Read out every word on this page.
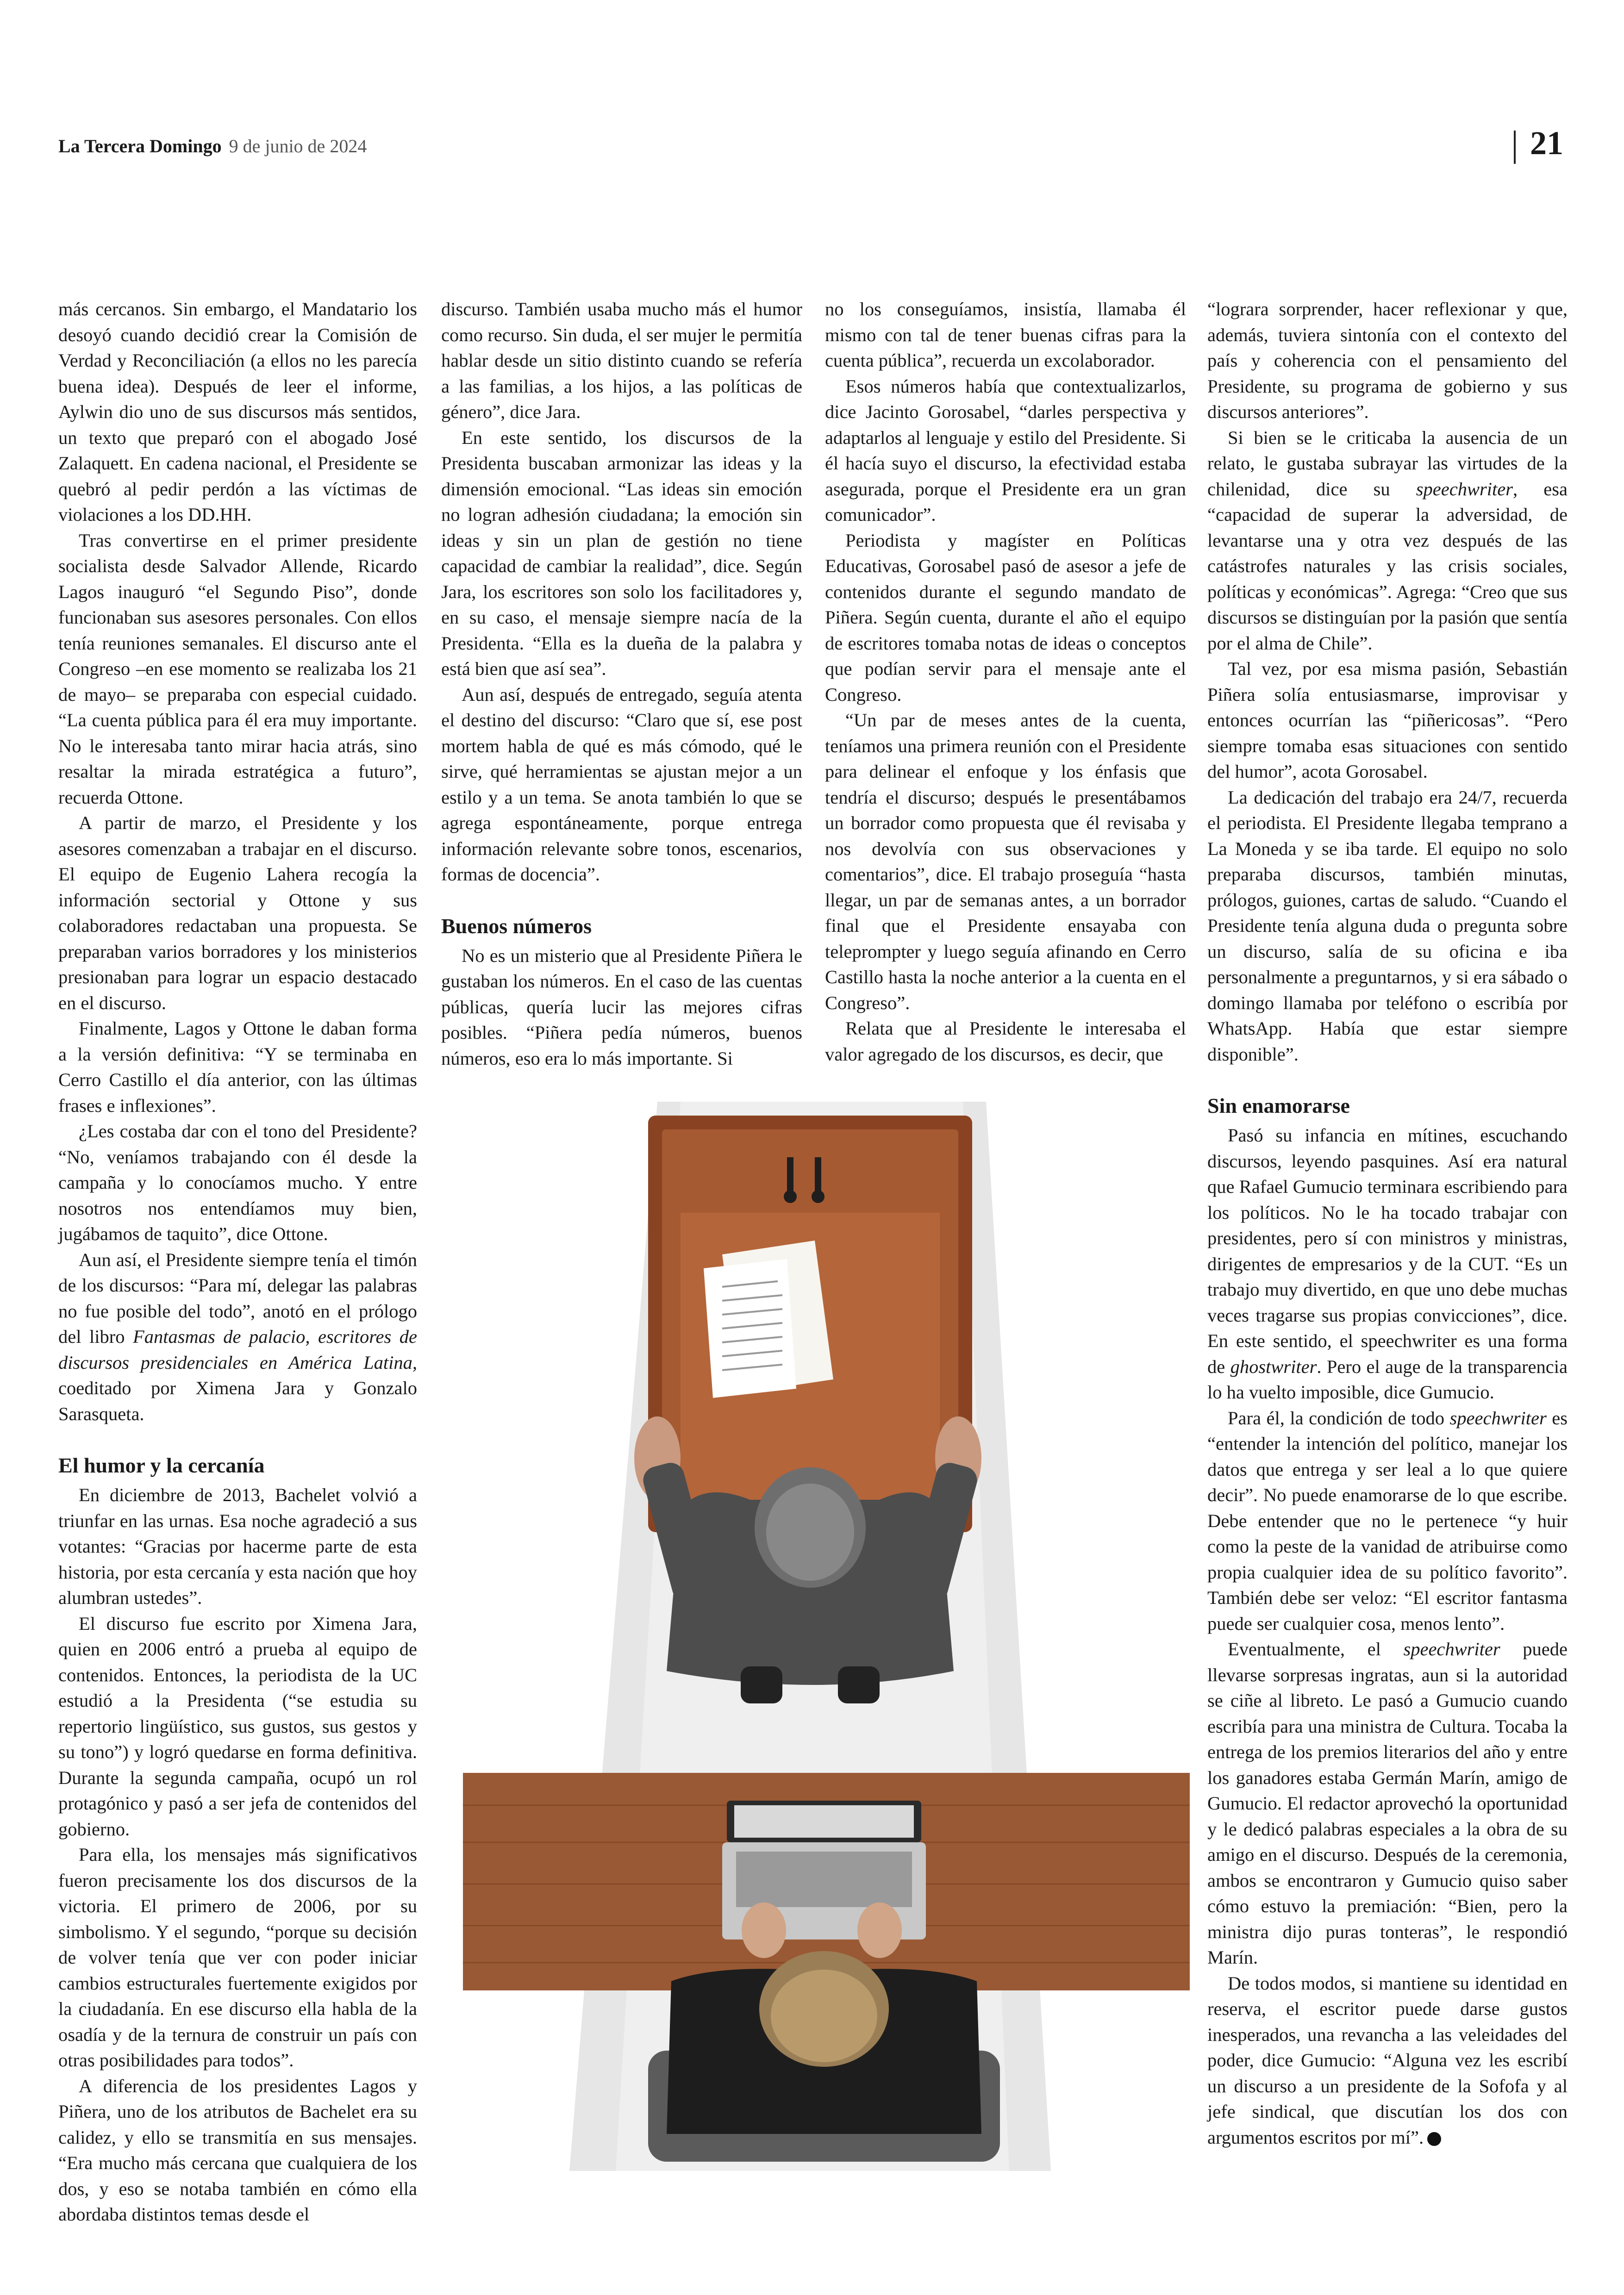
La Tercera Domingo 9 de junio de 2024	21

más cercanos. Sin embargo, el Mandatario los desoyó cuando decidió crear la Comisión de Verdad y Reconciliación (a ellos no les parecía buena idea). Después de leer el informe, Aylwin dio uno de sus discursos más sentidos, un texto que preparó con el abogado José Zalaquett. En cadena nacional, el Presidente se quebró al pedir perdón a las víctimas de violaciones a los DD.HH.

Tras convertirse en el primer presidente socialista desde Salvador Allende, Ricardo Lagos inauguró “el Segundo Piso”, donde funcionaban sus asesores personales. Con ellos tenía reuniones semanales. El discurso ante el Congreso –en ese momento se realizaba los 21 de mayo– se preparaba con especial cuidado. “La cuenta pública para él era muy importante. No le interesaba tanto mirar hacia atrás, sino resaltar la mirada estratégica a futuro”, recuerda Ottone.

A partir de marzo, el Presidente y los asesores comenzaban a trabajar en el discurso. El equipo de Eugenio Lahera recogía la información sectorial y Ottone y sus colaboradores redactaban una propuesta. Se preparaban varios borradores y los ministerios presionaban para lograr un espacio destacado en el discurso.

Finalmente, Lagos y Ottone le daban forma a la versión definitiva: “Y se terminaba en Cerro Castillo el día anterior, con las últimas frases e inflexiones”.

¿Les costaba dar con el tono del Presidente? “No, veníamos trabajando con él desde la campaña y lo conocíamos mucho. Y entre nosotros nos entendíamos muy bien, jugábamos de taquito”, dice Ottone.

Aun así, el Presidente siempre tenía el timón de los discursos: “Para mí, delegar las palabras no fue posible del todo”, anotó en el prólogo del libro Fantasmas de palacio, escritores de discursos presidenciales en América Latina, coeditado por Ximena Jara y Gonzalo Sarasqueta.

El humor y la cercanía

En diciembre de 2013, Bachelet volvió a triunfar en las urnas. Esa noche agradeció a sus votantes: “Gracias por hacerme parte de esta historia, por esta cercanía y esta nación que hoy alumbran ustedes”.

El discurso fue escrito por Ximena Jara, quien en 2006 entró a prueba al equipo de contenidos. Entonces, la periodista de la UC estudió a la Presidenta (“se estudia su repertorio lingüístico, sus gustos, sus gestos y su tono”) y logró quedarse en forma definitiva. Durante la segunda campaña, ocupó un rol protagónico y pasó a ser jefa de contenidos del gobierno.

Para ella, los mensajes más significativos fueron precisamente los dos discursos de la victoria. El primero de 2006, por su simbolismo. Y el segundo, “porque su decisión de volver tenía que ver con poder iniciar cambios estructurales fuertemente exigidos por la ciudadanía. En ese discurso ella habla de la osadía y de la ternura de construir un país con otras posibilidades para todos”.

A diferencia de los presidentes Lagos y Piñera, uno de los atributos de Bachelet era su calidez, y ello se transmitía en sus mensajes. “Era mucho más cercana que cualquiera de los dos, y eso se notaba también en cómo ella abordaba distintos temas desde el

discurso. También usaba mucho más el humor como recurso. Sin duda, el ser mujer le permitía hablar desde un sitio distinto cuando se refería a las familias, a los hijos, a las políticas de género”, dice Jara.

En este sentido, los discursos de la Presidenta buscaban armonizar las ideas y la dimensión emocional. “Las ideas sin emoción no logran adhesión ciudadana; la emoción sin ideas y sin un plan de gestión no tiene capacidad de cambiar la realidad”, dice. Según Jara, los escritores son solo los facilitadores y, en su caso, el mensaje siempre nacía de la Presidenta. “Ella es la dueña de la palabra y está bien que así sea”.

Aun así, después de entregado, seguía atenta el destino del discurso: “Claro que sí, ese post mortem habla de qué es más cómodo, qué le sirve, qué herramientas se ajustan mejor a un estilo y a un tema. Se anota también lo que se agrega espontáneamente, porque entrega información relevante sobre tonos, escenarios, formas de docencia”.

Buenos números

No es un misterio que al Presidente Piñera le gustaban los números. En el caso de las cuentas públicas, quería lucir las mejores cifras posibles. “Piñera pedía números, buenos números, eso era lo más importante. Si

no los conseguíamos, insistía, llamaba él mismo con tal de tener buenas cifras para la cuenta pública”, recuerda un excolaborador.

Esos números había que contextualizarlos, dice Jacinto Gorosabel, “darles perspectiva y adaptarlos al lenguaje y estilo del Presidente. Si él hacía suyo el discurso, la efectividad estaba asegurada, porque el Presidente era un gran comunicador”.

Periodista y magíster en Políticas Educativas, Gorosabel pasó de asesor a jefe de contenidos durante el segundo mandato de Piñera. Según cuenta, durante el año el equipo de escritores tomaba notas de ideas o conceptos que podían servir para el mensaje ante el Congreso.

“Un par de meses antes de la cuenta, teníamos una primera reunión con el Presidente para delinear el enfoque y los énfasis que tendría el discurso; después le presentábamos un borrador como propuesta que él revisaba y nos devolvía con sus observaciones y comentarios”, dice. El trabajo proseguía “hasta llegar, un par de semanas antes, a un borrador final que el Presidente ensayaba con teleprompter y luego seguía afinando en Cerro Castillo hasta la noche anterior a la cuenta en el Congreso”.

Relata que al Presidente le interesaba el valor agregado de los discursos, es decir, que

“lograra sorprender, hacer reflexionar y que, además, tuviera sintonía con el contexto del país y coherencia con el pensamiento del Presidente, su programa de gobierno y sus discursos anteriores”.

Si bien se le criticaba la ausencia de un relato, le gustaba subrayar las virtudes de la chilenidad, dice su speechwriter, esa “capacidad de superar la adversidad, de levantarse una y otra vez después de las catástrofes naturales y las crisis sociales, políticas y económicas”. Agrega: “Creo que sus discursos se distinguían por la pasión que sentía por el alma de Chile”.

Tal vez, por esa misma pasión, Sebastián Piñera solía entusiasmarse, improvisar y entonces ocurrían las “piñericosas”. “Pero siempre tomaba esas situaciones con sentido del humor”, acota Gorosabel.

La dedicación del trabajo era 24/7, recuerda el periodista. El Presidente llegaba temprano a La Moneda y se iba tarde. El equipo no solo preparaba discursos, también minutas, prólogos, guiones, cartas de saludo. “Cuando el Presidente tenía alguna duda o pregunta sobre un discurso, salía de su oficina e iba personalmente a preguntarnos, y si era sábado o domingo llamaba por teléfono o escribía por WhatsApp. Había que estar siempre disponible”.

Sin enamorarse

Pasó su infancia en mítines, escuchando discursos, leyendo pasquines. Así era natural que Rafael Gumucio terminara escribiendo para los políticos. No le ha tocado trabajar con presidentes, pero sí con ministros y ministras, dirigentes de empresarios y de la CUT. “Es un trabajo muy divertido, en que uno debe muchas veces tragarse sus propias convicciones”, dice. En este sentido, el speechwriter es una forma de ghostwriter. Pero el auge de la transparencia lo ha vuelto imposible, dice Gumucio.

Para él, la condición de todo speechwriter es “entender la intención del político, manejar los datos que entrega y ser leal a lo que quiere decir”. No puede enamorarse de lo que escribe. Debe entender que no le pertenece “y huir como la peste de la vanidad de atribuirse como propia cualquier idea de su político favorito”. También debe ser veloz: “El escritor fantasma puede ser cualquier cosa, menos lento”.

Eventualmente, el speechwriter puede llevarse sorpresas ingratas, aun si la autoridad se ciñe al libreto. Le pasó a Gumucio cuando escribía para una ministra de Cultura. Tocaba la entrega de los premios literarios del año y entre los ganadores estaba Germán Marín, amigo de Gumucio. El redactor aprovechó la oportunidad y le dedicó palabras especiales a la obra de su amigo en el discurso. Después de la ceremonia, ambos se encontraron y Gumucio quiso saber cómo estuvo la premiación: “Bien, pero la ministra dijo puras tonteras”, le respondió Marín.

De todos modos, si mantiene su identidad en reserva, el escritor puede darse gustos inesperados, una revancha a las veleidades del poder, dice Gumucio: “Alguna vez les escribí un discurso a un presidente de la Sofofa y al jefe sindical, que discutían los dos con argumentos escritos por mí”.	◉
